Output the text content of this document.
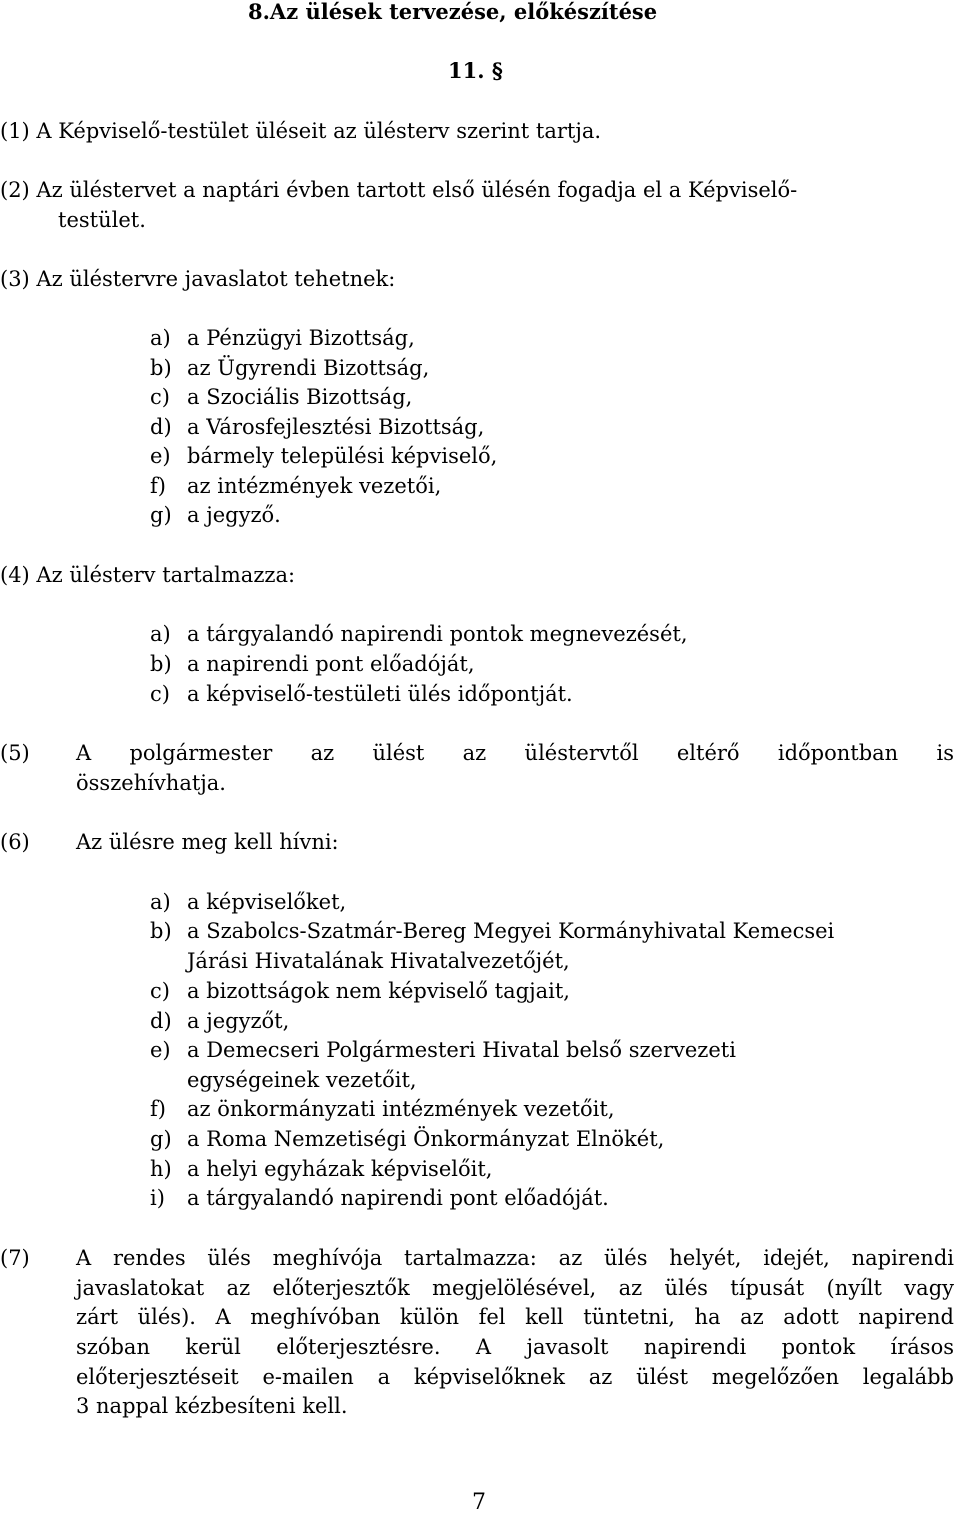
8.Az ülések tervezése, előkészítése
11. §
(1) A Képviselő-testület üléseit az ülésterv szerint tartja.
(2) Az üléstervet a naptári évben tartott első ülésén fogadja el a Képviselő-
testület.
(3) Az üléstervre javaslatot tehetnek:
a) a Pénzügyi Bizottság,
b) az Ügyrendi Bizottság,
c) a Szociális Bizottság,
d) a Városfejlesztési Bizottság,
e) bármely települési képviselő,
f) az intézmények vezetői,
g) a jegyző.
(4) Az ülésterv tartalmazza:
a) a tárgyalandó napirendi pontok megnevezését,
b) a napirendi pont előadóját,
c) a képviselő-testületi ülés időpontját.
(5) A polgármester az ülést az üléstervtől eltérő időpontban is
összehívhatja.
(6) Az ülésre meg kell hívni:
a) a képviselőket,
b) a Szabolcs-Szatmár-Bereg Megyei Kormányhivatal Kemecsei
Járási Hivatalának Hivatalvezetőjét,
c) a bizottságok nem képviselő tagjait,
d) a jegyzőt,
e) a Demecseri Polgármesteri Hivatal belső szervezeti
egységeinek vezetőit,
f) az önkormányzati intézmények vezetőit,
g) a Roma Nemzetiségi Önkormányzat Elnökét,
h) a helyi egyházak képviselőit,
i) a tárgyalandó napirendi pont előadóját.
(7) A rendes ülés meghívója tartalmazza: az ülés helyét, idejét, napirendi
javaslatokat az előterjesztők megjelölésével, az ülés típusát (nyílt vagy
zárt ülés). A meghívóban külön fel kell tüntetni, ha az adott napirend
szóban kerül előterjesztésre. A javasolt napirendi pontok írásos
előterjesztéseit e-mailen a képviselőknek az ülést megelőzően legalább
3 nappal kézbesíteni kell.
7
